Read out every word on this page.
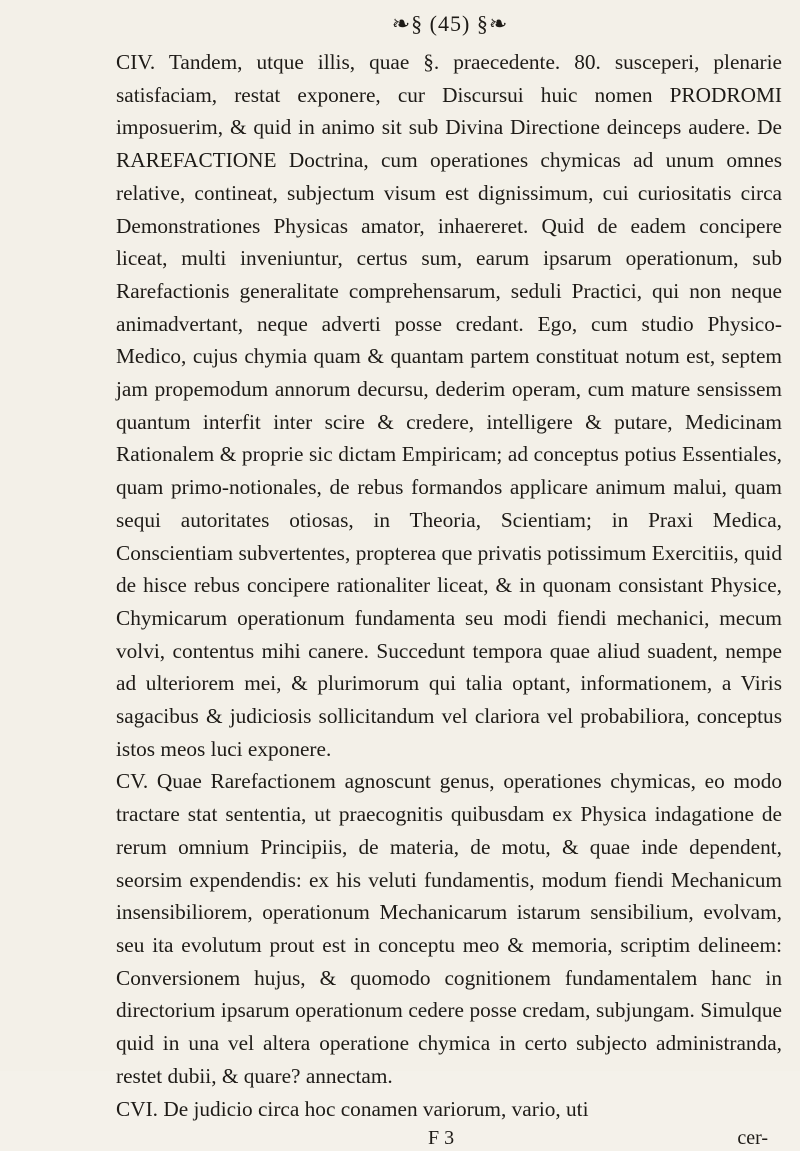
❧§ (45) §❧

CIV. Tandem, utque illis, quae §. praecedente. 80. susceperi, plenarie satisfaciam, restat exponere, cur Discursui huic nomen PRODROMI imposuerim, & quid in animo sit sub Divina Directione deinceps audere. De RAREFACTIONE Doctrina, cum operationes chymicas ad unum omnes relative, contineat, subjectum visum est dignissimum, cui curiositatis circa Demonstrationes Physicas amator, inhaereret. Quid de eadem concipere liceat, multi inveniuntur, certus sum, earum ipsarum operationum, sub Rarefactionis generalitate comprehensarum, seduli Practici, qui non neque animadvertant, neque adverti posse credant. Ego, cum studio Physico-Medico, cujus chymia quam & quantam partem constituat notum est, septem jam propemodum annorum decursu, dederim operam, cum mature sensissem quantum interfit inter scire & credere, intelligere & putare, Medicinam Rationalem & proprie sic dictam Empiricam; ad conceptus potius Essentiales, quam primo-notionales, de rebus formandos applicare animum malui, quam sequi autoritates otiosas, in Theoria, Scientiam; in Praxi Medica, Conscientiam subvertentes, propterea que privatis potissimum Exercitiis, quid de hisce rebus concipere rationaliter liceat, & in quonam consistant Physice, Chymicarum operationum fundamenta seu modi fiendi mechanici, mecum volvi, contentus mihi canere. Succedunt tempora quae aliud suadent, nempe ad ulteriorem mei, & plurimorum qui talia optant, informationem, a Viris sagacibus & judiciosis sollicitandum vel clariora vel probabiliora, conceptus istos meos luci exponere.

CV. Quae Rarefactionem agnoscunt genus, operationes chymicas, eo modo tractare stat sententia, ut praecognitis quibusdam ex Physica indagatione de rerum omnium Principiis, de materia, de motu, & quae inde dependent, seorsim expendendis: ex his veluti fundamentis, modum fiendi Mechanicum insensibiliorem, operationum Mechanicarum istarum sensibilium, evolvam, seu ita evolutum prout est in conceptu meo & memoria, scriptim delineem: Conversionem hujus, & quomodo cognitionem fundamentalem hanc in directorium ipsarum operationum cedere posse credam, subjungam. Simulque quid in una vel altera operatione chymica in certo subjecto administranda, restet dubii, & quare? annectam.

CVI. De judicio circa hoc conamen variorum, vario, uti

F 3	cer-
